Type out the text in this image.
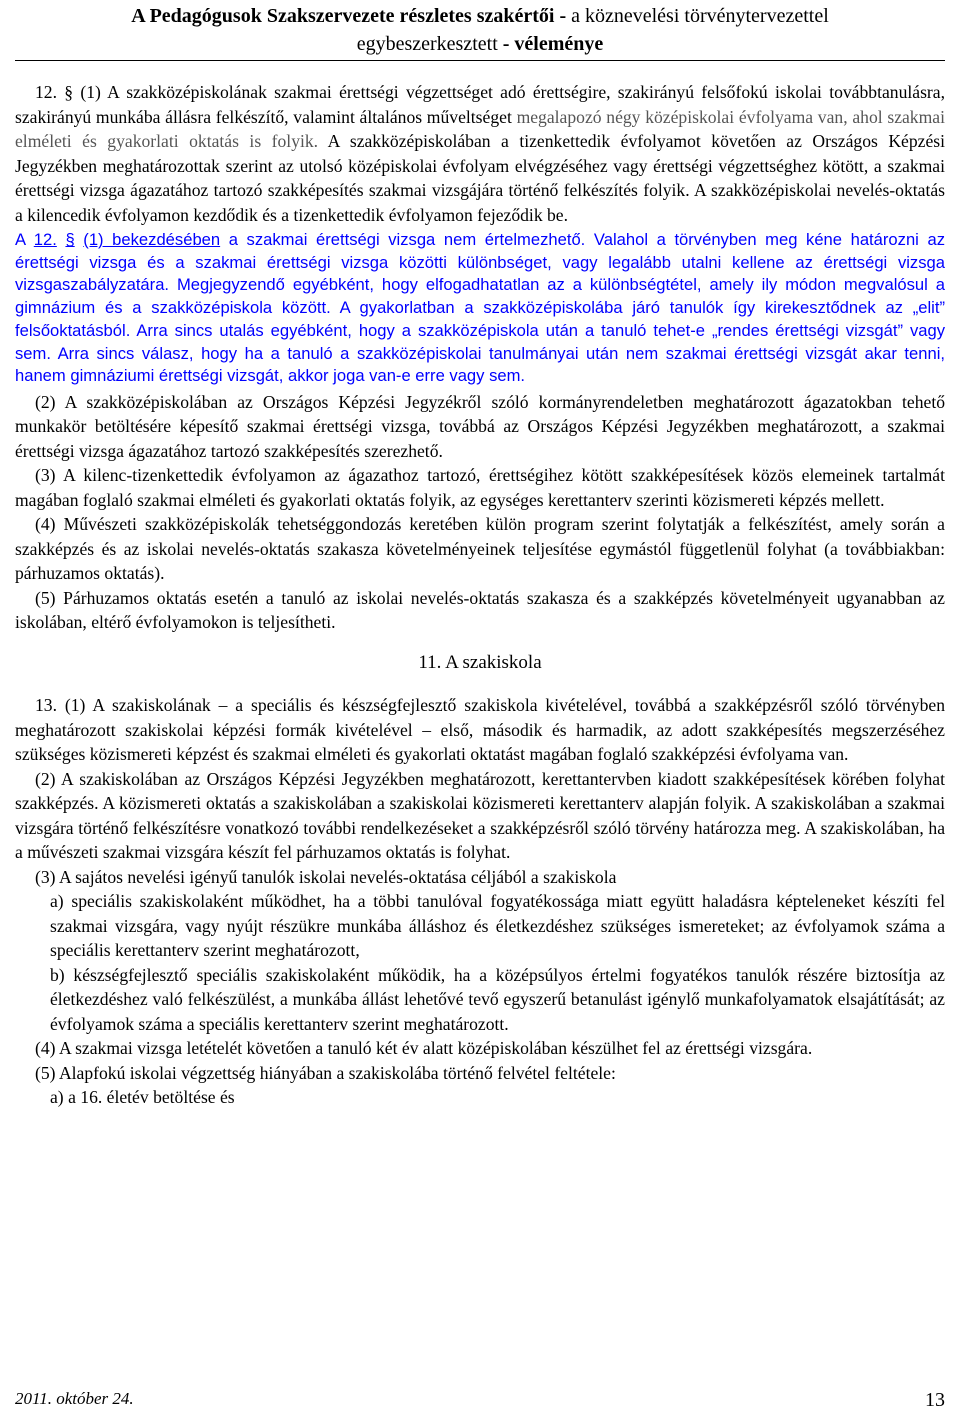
A Pedagógusok Szakszervezete részletes szakértői - a köznevelési törvénytervezettel
egybeszerkesztett - véleménye

12. § (1) A szakközépiskolának szakmai érettségi végzettséget adó érettségire, szakirányú felsőfokú iskolai továbbtanulásra, szakirányú munkába állásra felkészítő, valamint általános műveltséget megalapozó négy középiskolai évfolyama van, ahol szakmai elméleti és gyakorlati oktatás is folyik. A szakközépiskolában a tizenkettedik évfolyamot követően az Országos Képzési Jegyzékben meghatározottak szerint az utolsó középiskolai évfolyam elvégzéséhez vagy érettségi végzettséghez kötött, a szakmai érettségi vizsga ágazatához tartozó szakképesítés szakmai vizsgájára történő felkészítés folyik. A szakközépiskolai nevelés-oktatás a kilencedik évfolyamon kezdődik és a tizenkettedik évfolyamon fejeződik be.

A 12. § (1) bekezdésében a szakmai érettségi vizsga nem értelmezhető. Valahol a törvényben meg kéne határozni az érettségi vizsga és a szakmai érettségi vizsga közötti különbséget, vagy legalább utalni kellene az érettségi vizsga vizsgaszabályzatára. Megjegyzendő egyébként, hogy elfogadhatatlan az a különbségtétel, amely ily módon megvalósul a gimnázium és a szakközépiskola között. A gyakorlatban a szakközépiskolába járó tanulók így kirekesztődnek az „elit” felsőoktatásból. Arra sincs utalás egyébként, hogy a szakközépiskola után a tanuló tehet-e „rendes érettségi vizsgát” vagy sem. Arra sincs válasz, hogy ha a tanuló a szakközépiskolai tanulmányai után nem szakmai érettségi vizsgát akar tenni, hanem gimnáziumi érettségi vizsgát, akkor joga van-e erre vagy sem.

(2) A szakközépiskolában az Országos Képzési Jegyzékről szóló kormányrendeletben meghatározott ágazatokban tehető munkakör betöltésére képesítő szakmai érettségi vizsga, továbbá az Országos Képzési Jegyzékben meghatározott, a szakmai érettségi vizsga ágazatához tartozó szakképesítés szerezhető.

(3) A kilenc-tizenkettedik évfolyamon az ágazathoz tartozó, érettségihez kötött szakképesítések közös elemeinek tartalmát magában foglaló szakmai elméleti és gyakorlati oktatás folyik, az egységes kerettanterv szerinti közismereti képzés mellett.

(4) Művészeti szakközépiskolák tehetséggondozás keretében külön program szerint folytatják a felkészítést, amely során a szakképzés és az iskolai nevelés-oktatás szakasza követelményeinek teljesítése egymástól függetlenül folyhat (a továbbiakban: párhuzamos oktatás).

(5) Párhuzamos oktatás esetén a tanuló az iskolai nevelés-oktatás szakasza és a szakképzés követelményeit ugyanabban az iskolában, eltérő évfolyamokon is teljesítheti.

11. A szakiskola

13. (1) A szakiskolának – a speciális és készségfejlesztő szakiskola kivételével, továbbá a szakképzésről szóló törvényben meghatározott szakiskolai képzési formák kivételével – első, második és harmadik, az adott szakképesítés megszerzéséhez szükséges közismereti képzést és szakmai elméleti és gyakorlati oktatást magában foglaló szakképzési évfolyama van.

(2) A szakiskolában az Országos Képzési Jegyzékben meghatározott, kerettantervben kiadott szakképesítések körében folyhat szakképzés. A közismereti oktatás a szakiskolában a szakiskolai közismereti kerettanterv alapján folyik. A szakiskolában a szakmai vizsgára történő felkészítésre vonatkozó további rendelkezéseket a szakképzésről szóló törvény határozza meg. A szakiskolában, ha a művészeti szakmai vizsgára készít fel párhuzamos oktatás is folyhat.

(3) A sajátos nevelési igényű tanulók iskolai nevelés-oktatása céljából a szakiskola

a) speciális szakiskolaként működhet, ha a többi tanulóval fogyatékossága miatt együtt haladásra képteleneket készíti fel szakmai vizsgára, vagy nyújt részükre munkába álláshoz és életkezdéshez szükséges ismereteket; az évfolyamok száma a speciális kerettanterv szerint meghatározott,

b) készségfejlesztő speciális szakiskolaként működik, ha a középsúlyos értelmi fogyatékos tanulók részére biztosítja az életkezdéshez való felkészülést, a munkába állást lehetővé tevő egyszerű betanulást igénylő munkafolyamatok elsajátítását; az évfolyamok száma a speciális kerettanterv szerint meghatározott.

(4) A szakmai vizsga letételét követően a tanuló két év alatt középiskolában készülhet fel az érettségi vizsgára.

(5) Alapfokú iskolai végzettség hiányában a szakiskolába történő felvétel feltétele:

a) a 16. életév betöltése és

2011. október 24.	13
